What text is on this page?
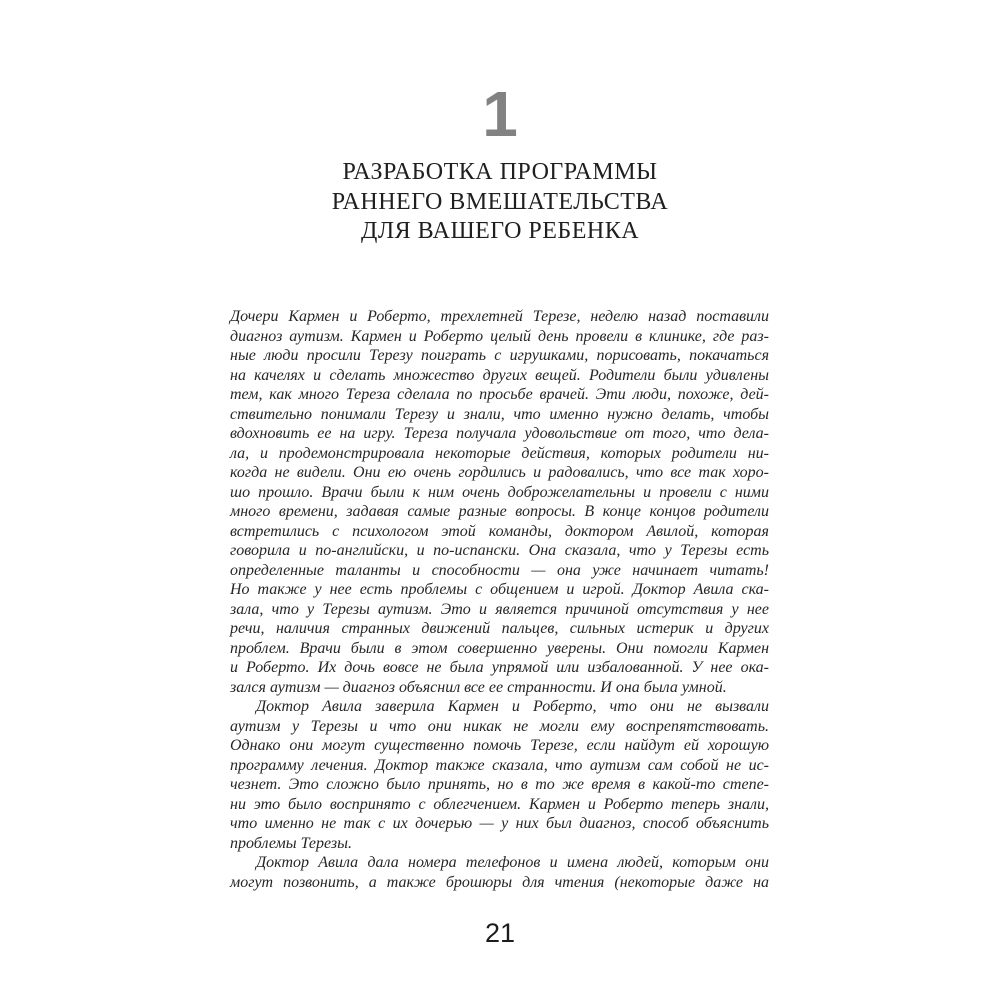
1
РАЗРАБОТКА ПРОГРАММЫ
РАННЕГО ВМЕШАТЕЛЬСТВА
ДЛЯ ВАШЕГО РЕБЕНКА
Дочери Кармен и Роберто, трехлетней Терезе, неделю назад поставили
диагноз аутизм. Кармен и Роберто целый день провели в клинике, где раз-
ные люди просили Терезу поиграть с игрушками, порисовать, покачаться
на качелях и сделать множество других вещей. Родители были удивлены
тем, как много Тереза сделала по просьбе врачей. Эти люди, похоже, дей-
ствительно понимали Терезу и знали, что именно нужно делать, чтобы
вдохновить ее на игру. Тереза получала удовольствие от того, что дела-
ла, и продемонстрировала некоторые действия, которых родители ни-
когда не видели. Они ею очень гордились и радовались, что все так хоро-
шо прошло. Врачи были к ним очень доброжелательны и провели с ними
много времени, задавая самые разные вопросы. В конце концов родители
встретились с психологом этой команды, доктором Авилой, которая
говорила и по-английски, и по-испански. Она сказала, что у Терезы есть
определенные таланты и способности — она уже начинает читать!
Но также у нее есть проблемы с общением и игрой. Доктор Авила ска-
зала, что у Терезы аутизм. Это и является причиной отсутствия у нее
речи, наличия странных движений пальцев, сильных истерик и других
проблем. Врачи были в этом совершенно уверены. Они помогли Кармен
и Роберто. Их дочь вовсе не была упрямой или избалованной. У нее ока-
зался аутизм — диагноз объяснил все ее странности. И она была умной.
Доктор Авила заверила Кармен и Роберто, что они не вызвали
аутизм у Терезы и что они никак не могли ему воспрепятствовать.
Однако они могут существенно помочь Терезе, если найдут ей хорошую
программу лечения. Доктор также сказала, что аутизм сам собой не ис-
чезнет. Это сложно было принять, но в то же время в какой-то степе-
ни это было воспринято с облегчением. Кармен и Роберто теперь знали,
что именно не так с их дочерью — у них был диагноз, способ объяснить
проблемы Терезы.
Доктор Авила дала номера телефонов и имена людей, которым они
могут позвонить, а также брошюры для чтения (некоторые даже на
21
